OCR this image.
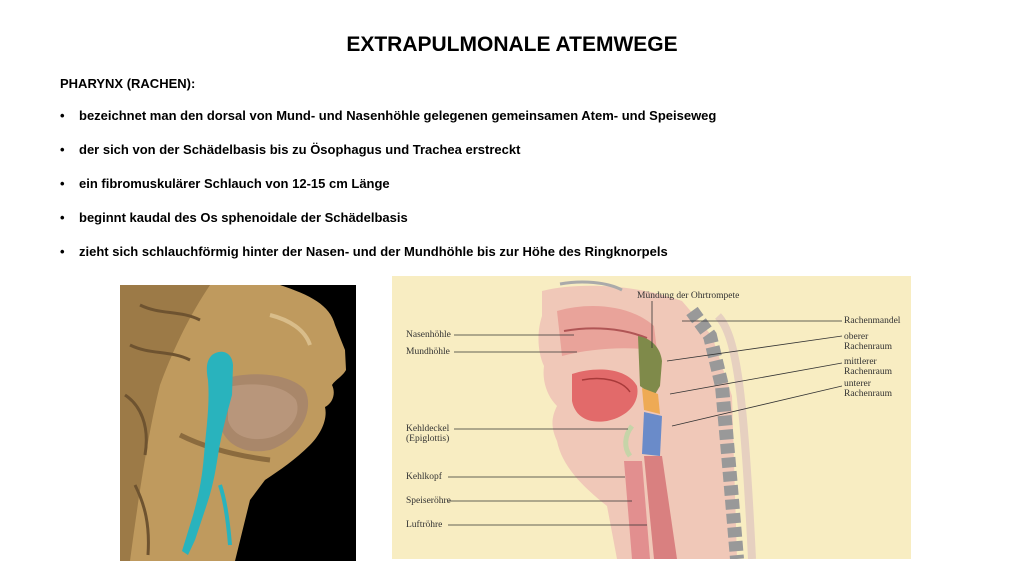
EXTRAPULMONALE ATEMWEGE

PHARYNX (RACHEN):

•	bezeichnet man den dorsal von Mund- und Nasenhöhle gelegenen gemeinsamen Atem- und Speiseweg
•	der sich von der Schädelbasis bis zu Ösophagus und Trachea erstreckt
•	ein fibromuskulärer Schlauch von 12-15 cm Länge
•	beginnt kaudal des Os sphenoidale der Schädelbasis
•	zieht sich schlauchförmig hinter der Nasen- und der Mundhöhle bis zur Höhe des Ringknorpels

Mündung der Ohrtrompete

Nasenhöhle

Mundhöhle

Kehldeckel

(Epiglottis)

Kehlkopf

Speiseröhre

Luftröhre

Rachenmandel

oberer

Rachenraum

mittlerer

Rachenraum

unterer

Rachenraum
